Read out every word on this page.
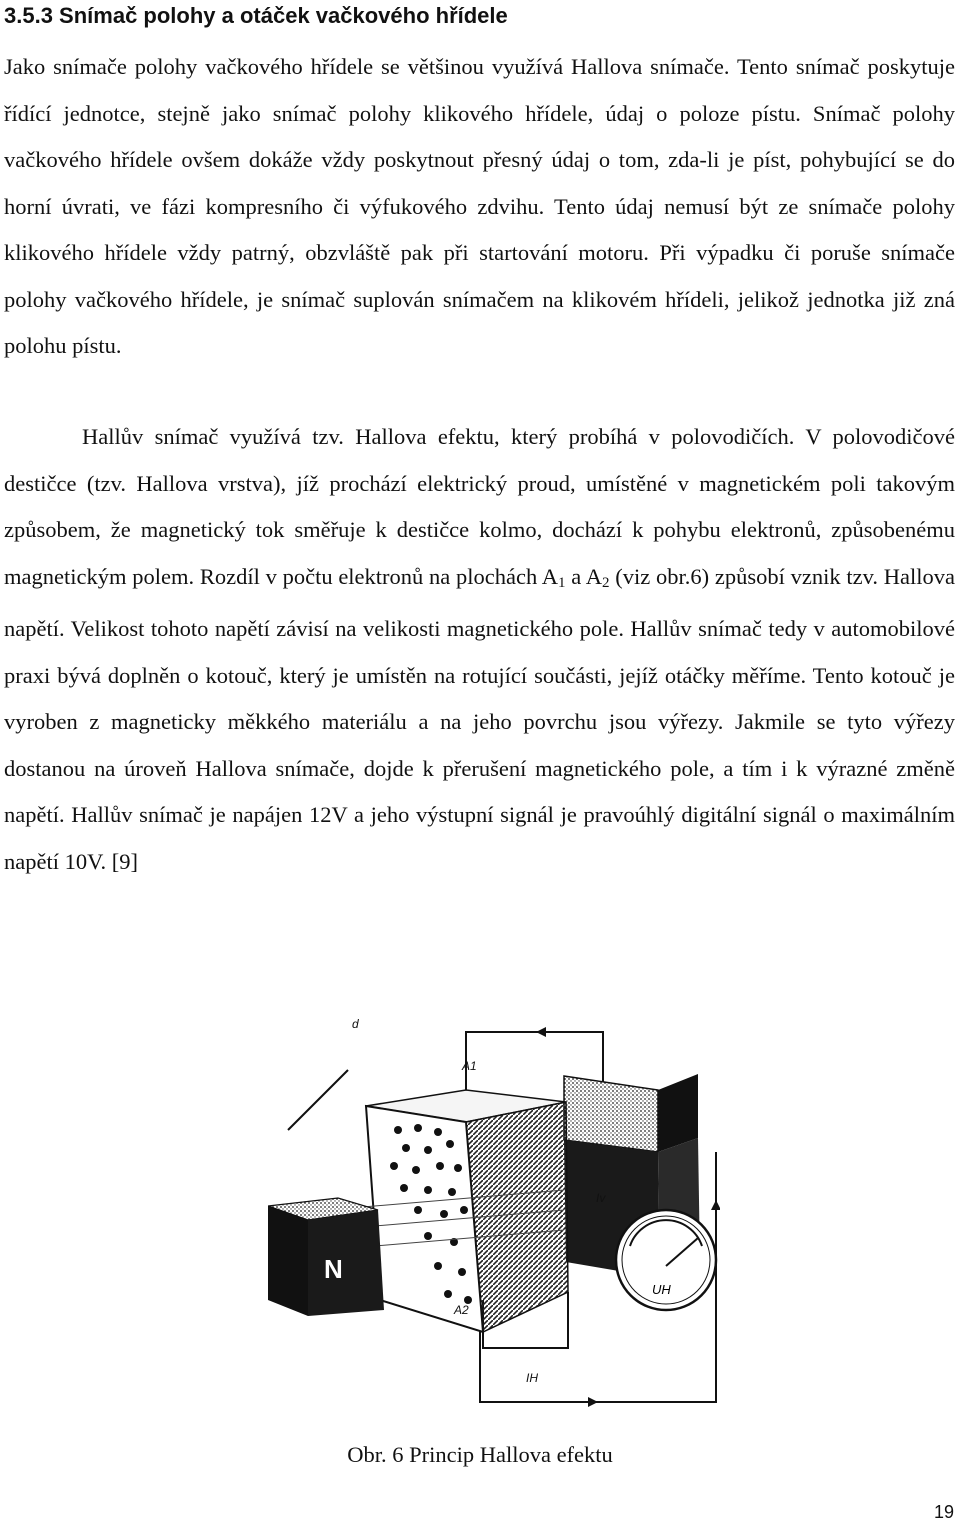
3.5.3 Snímač polohy a otáček vačkového hřídele

Jako snímače polohy vačkového hřídele se většinou využívá Hallova snímače. Tento snímač poskytuje řídící jednotce, stejně jako snímač polohy klikového hřídele, údaj o poloze pístu. Snímač polohy vačkového hřídele ovšem dokáže vždy poskytnout přesný údaj o tom, zda-li je píst, pohybující se do horní úvrati, ve fázi kompresního či výfukového zdvihu. Tento údaj nemusí být ze snímače polohy klikového hřídele vždy patrný, obzvláště pak při startování motoru. Při výpadku či poruše snímače polohy vačkového hřídele, je snímač suplován snímačem na klikovém hřídeli, jelikož jednotka již zná polohu pístu.

Hallův snímač využívá tzv. Hallova efektu, který probíhá v polovodičích. V polovodičové destičce (tzv. Hallova vrstva), jíž prochází elektrický proud, umístěné v magnetickém poli takovým způsobem, že magnetický tok směřuje k destičce kolmo, dochází k pohybu elektronů, způsobenému magnetickým polem. Rozdíl v počtu elektronů na plochách $A_1$ a $A_2$ (viz obr.6) způsobí vznik tzv. Hallova napětí. Velikost tohoto napětí závisí na velikosti magnetického pole. Hallův snímač tedy v automobilové praxi bývá doplněn o kotouč, který je umístěn na rotující součásti, jejíž otáčky měříme. Tento kotouč je vyroben z magneticky měkkého materiálu a na jeho povrchu jsou výřezy. Jakmile se tyto výřezy dostanou na úroveň Hallova snímače, dojde k přerušení magnetického pole, a tím i k výrazné změně napětí. Hallův snímač je napájen 12V a jeho výstupní signál je pravoúhlý digitální signál o maximálním napětí 10V. [9]

N
UH
d
A1
A2
Iv
IH
Obr. 6 Princip Hallova efektu
19
